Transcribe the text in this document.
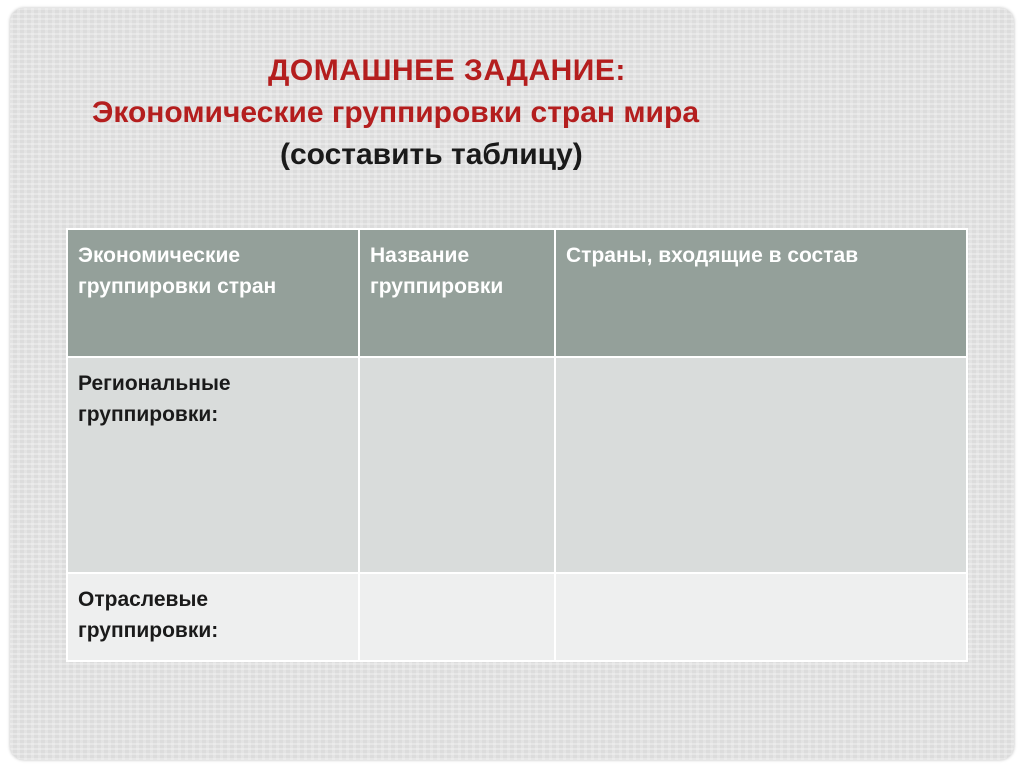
ДОМАШНЕЕ ЗАДАНИЕ:
Экономические группировки стран мира
(составить таблицу)
Экономические группировки стран	Название группировки	Страны, входящие в состав
Региональные группировки:		
Отраслевые группировки:		
